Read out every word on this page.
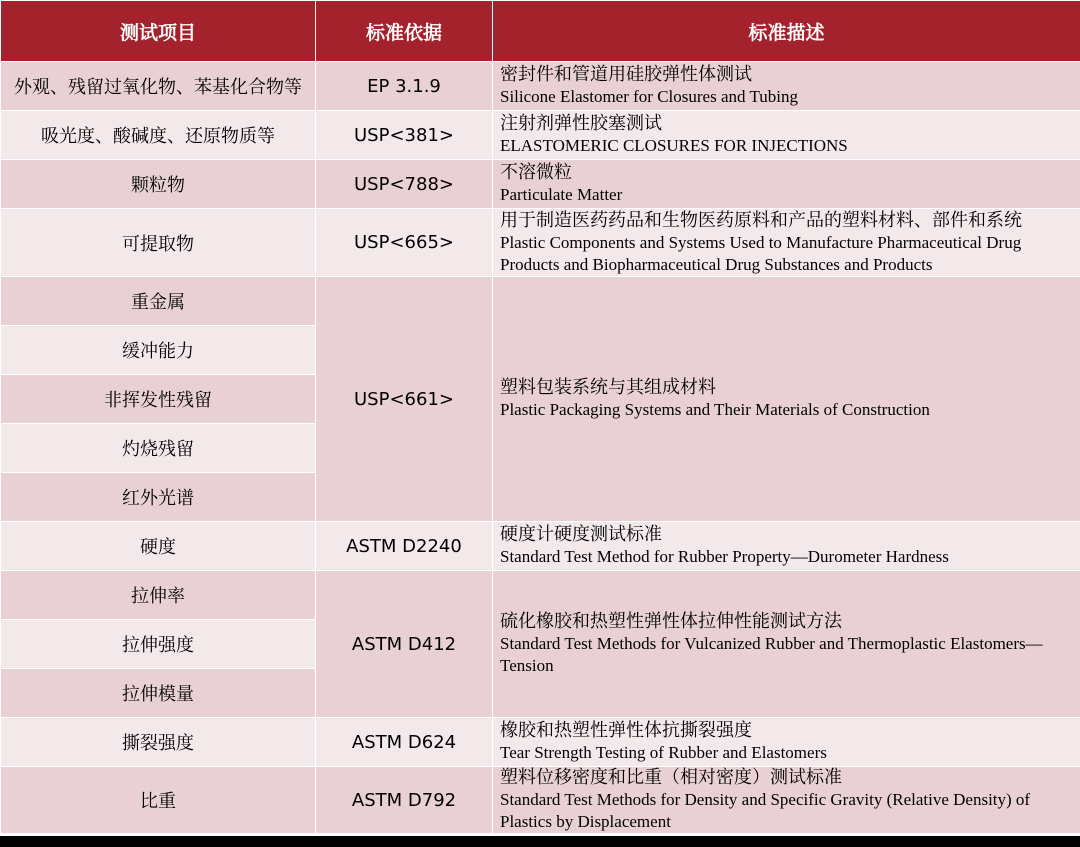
测试项目	标准依据	标准描述
外观、残留过氧化物、苯基化合物等	EP 3.1.9	密封件和管道用硅胶弹性体测试
Silicone Elastomer for Closures and Tubing

吸光度、酸碱度、还原物质等	USP<381>	注射剂弹性胶塞测试
ELASTOMERIC CLOSURES FOR INJECTIONS

颗粒物	USP<788>	不溶微粒
Particulate Matter

可提取物	USP<665>	用于制造医药药品和生物医药原料和产品的塑料材料、部件和系统
Plastic Components and Systems Used to Manufacture Pharmaceutical Drug Products and Biopharmaceutical Drug Substances and Products

重金属	USP<661>	塑料包装系统与其组成材料
Plastic Packaging Systems and Their Materials of Construction

缓冲能力		
非挥发性残留		
灼烧残留		
红外光谱		
硬度	ASTM D2240	硬度计硬度测试标准
Standard Test Method for Rubber Property—Durometer Hardness

拉伸率	ASTM D412	硫化橡胶和热塑性弹性体拉伸性能测试方法
Standard Test Methods for Vulcanized Rubber and Thermoplastic Elastomers—Tension

拉伸强度		
拉伸模量		
撕裂强度	ASTM D624	橡胶和热塑性弹性体抗撕裂强度
Tear Strength Testing of Rubber and Elastomers

比重	ASTM D792	塑料位移密度和比重（相对密度）测试标准
Standard Test Methods for Density and Specific Gravity (Relative Density) of Plastics by Displacement
